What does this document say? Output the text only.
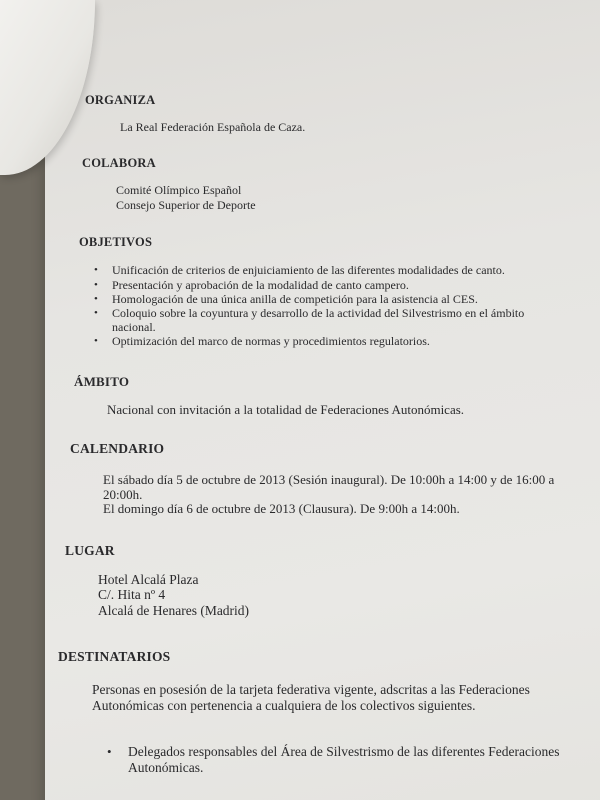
ORGANIZA
La Real Federación Española de Caza.
COLABORA
Comité Olímpico Español
Consejo Superior de Deporte
OBJETIVOS
• Unificación de criterios de enjuiciamiento de las diferentes modalidades de canto.
• Presentación y aprobación de la modalidad de canto campero.
• Homologación de una única anilla de competición para la asistencia al CES.
• Coloquio sobre la coyuntura y desarrollo de la actividad del Silvestrismo en el ámbito
nacional.
• Optimización del marco de normas y procedimientos regulatorios.
ÁMBITO
Nacional con invitación a la totalidad de Federaciones Autonómicas.
CALENDARIO
El sábado día 5 de octubre de 2013 (Sesión inaugural). De 10:00h a 14:00 y de 16:00 a
20:00h.
El domingo día 6 de octubre de 2013 (Clausura). De 9:00h a 14:00h.
LUGAR
Hotel Alcalá Plaza
C/. Hita nº 4
Alcalá de Henares (Madrid)
DESTINATARIOS
Personas en posesión de la tarjeta federativa vigente, adscritas a las Federaciones
Autonómicas con pertenencia a cualquiera de los colectivos siguientes.
• Delegados responsables del Área de Silvestrismo de las diferentes Federaciones
Autonómicas.
